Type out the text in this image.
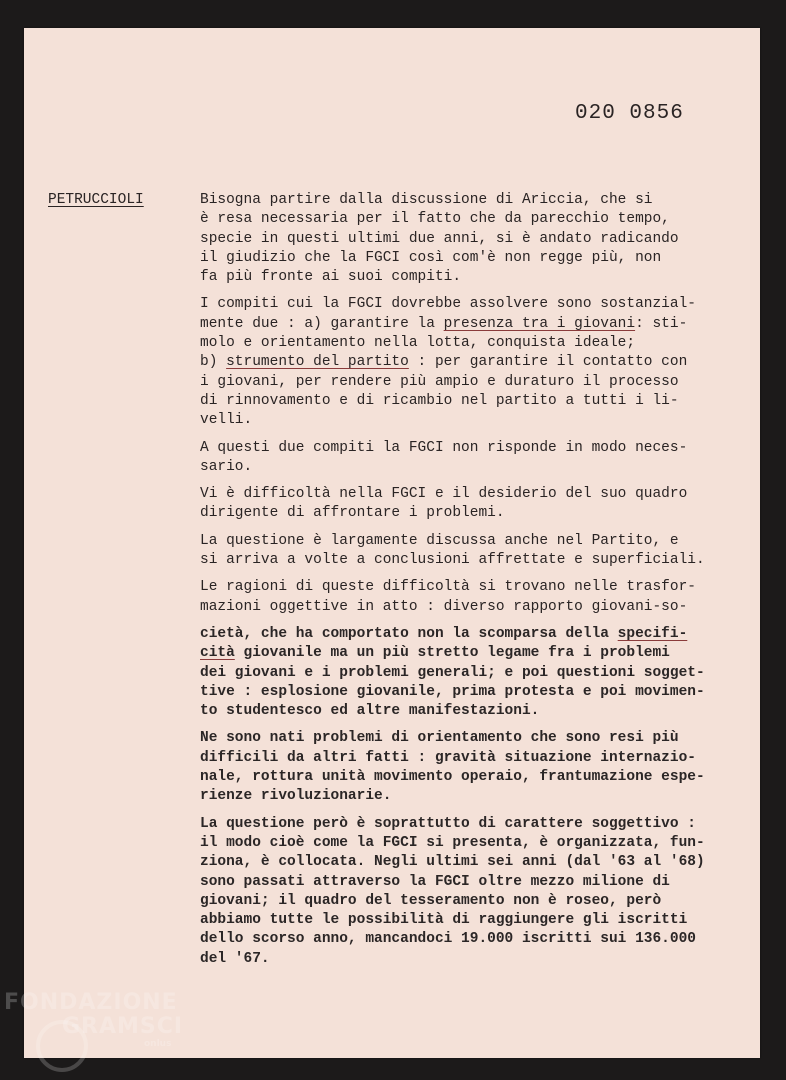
020 0856
PETRUCCIOLI	Bisogna partire dalla discussione di Ariccia, che si
è resa necessaria per il fatto che da parecchio tempo,
specie in questi ultimi due anni, si è andato radicando
il giudizio che la FGCI così com'è non regge più, non
fa più fronte ai suoi compiti.
I compiti cui la FGCI dovrebbe assolvere sono sostanzial-
mente due : a) garantire la presenza tra i giovani: sti-
molo e orientamento nella lotta, conquista ideale;
b) strumento del partito : per garantire il contatto con
i giovani, per rendere più ampio e duraturo il processo
di rinnovamento e di ricambio nel partito a tutti i li-
velli.
A questi due compiti la FGCI non risponde in modo neces-
sario.
Vi è difficoltà nella FGCI e il desiderio del suo quadro
dirigente di affrontare i problemi.
La questione è largamente discussa anche nel Partito, e
si arriva a volte a conclusioni affrettate e superficiali.
Le ragioni di queste difficoltà si trovano nelle trasfor-
mazioni oggettive in atto : diverso rapporto giovani-so-
cietà, che ha comportato non la scomparsa della specifi-
cità giovanile ma un più stretto legame fra i problemi
dei giovani e i problemi generali; e poi questioni sogget-
tive : esplosione giovanile, prima protesta e poi movimen-
to studentesco ed altre manifestazioni.
Ne sono nati problemi di orientamento che sono resi più
difficili da altri fatti : gravità situazione internazio-
nale, rottura unità movimento operaio, frantumazione espe-
rienze rivoluzionarie.
La questione però è soprattutto di carattere soggettivo :
il modo cioè come la FGCI si presenta, è organizzata, fun-
ziona, è collocata. Negli ultimi sei anni (dal '63 al '68)
sono passati attraverso la FGCI oltre mezzo milione di
giovani; il quadro del tesseramento non è roseo, però
abbiamo tutte le possibilità di raggiungere gli iscritti
dello scorso anno, mancandoci 19.000 iscritti sui 136.000
del '67.
FONDAZIONE
GRAMSCI
onlus
